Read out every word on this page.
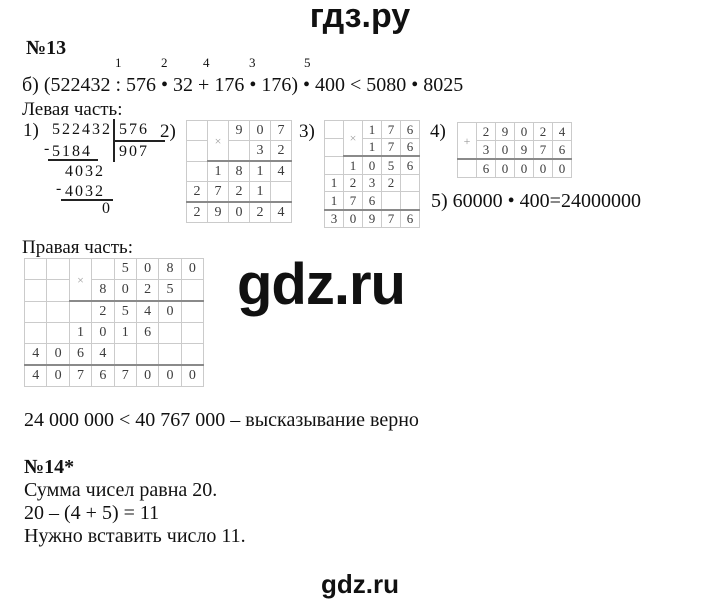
гдз.ру
№13
1	2	4	3	5
б) (522432 : 576 • 32 + 176 • 176) • 400 < 5080 • 8025
Левая часть:
1) 522432 576
- 5184 907
4032
- 4032
0
2)	3)	4)
	×	9	0	7
			3	2
	1	8	1	4
2	7	2	1	
2	9	0	2	4
	×	1	7	6
		1	7	6
	1	0	5	6
1	2	3	2	
1	7	6		
3	0	9	7	6
+	2	9	0	2	4
	3	0	9	7	6
	6	0	0	0	0
5) 60000 • 400=24000000
Правая часть:
		×		5	0	8	0
			8	0	2	5	
			2	5	4	0	
		1	0	1	6		
4	0	6	4				
4	0	7	6	7	0	0	0
gdz.ru
24 000 000 < 40 767 000 – высказывание верно
№14*
Сумма чисел равна 20.
20 – (4 + 5) = 11
Нужно вставить число 11.
gdz.ru
